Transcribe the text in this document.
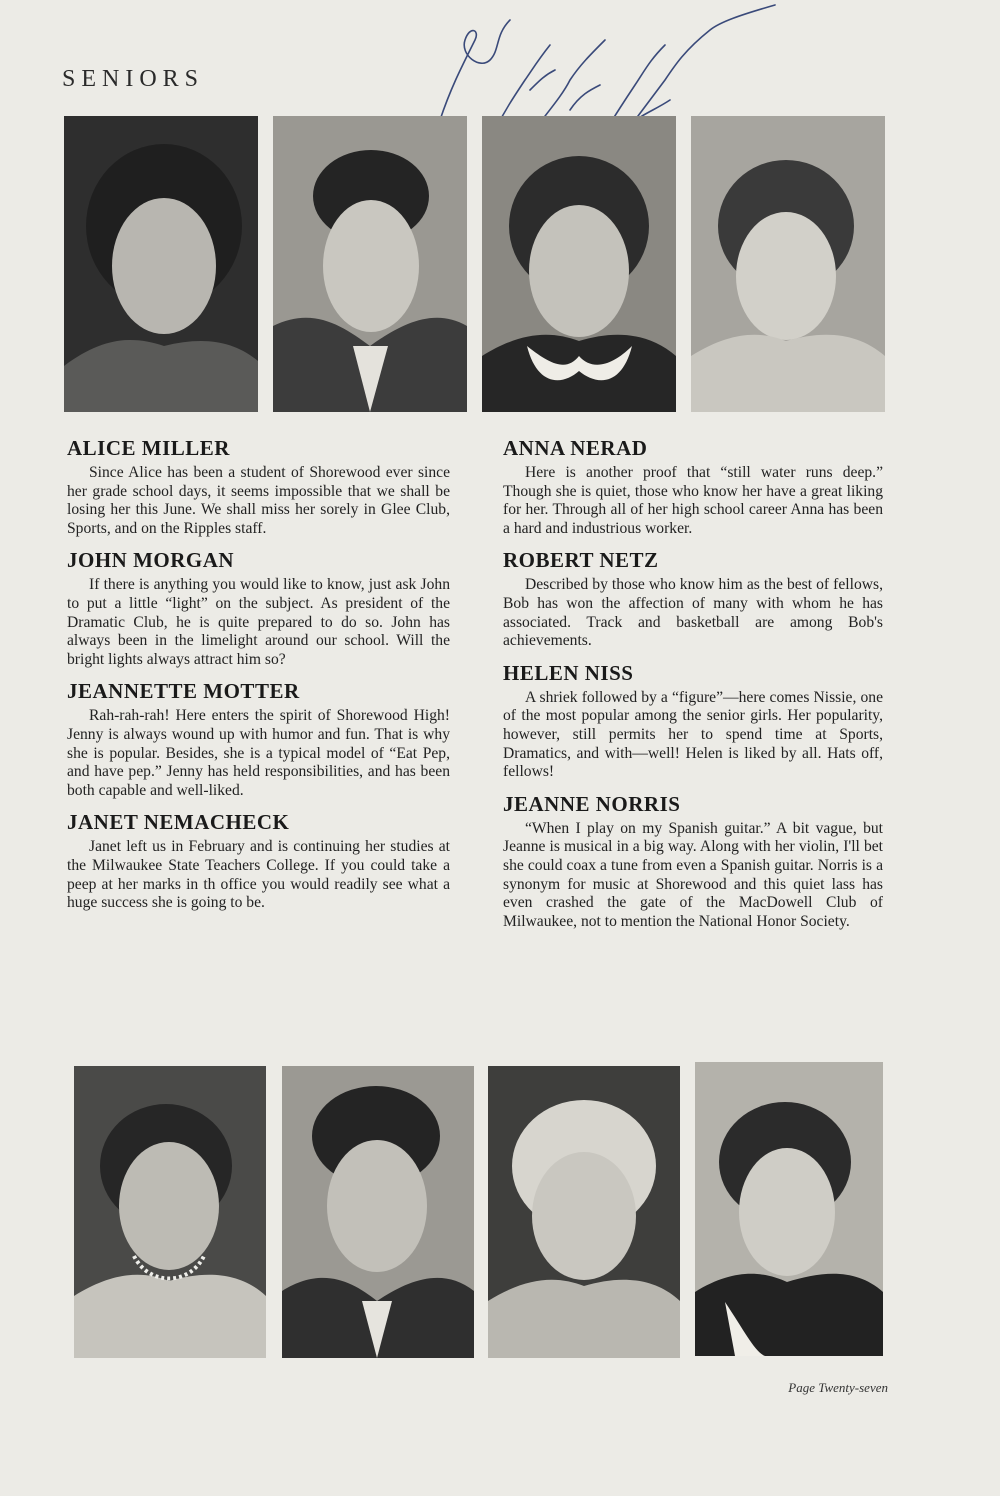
SENIORS
ALICE MILLER

Since Alice has been a student of Shorewood ever since her grade school days, it seems impossible that we shall be losing her this June. We shall miss her sorely in Glee Club, Sports, and on the Ripples staff.

JOHN MORGAN

If there is anything you would like to know, just ask John to put a little “light” on the subject. As president of the Dramatic Club, he is quite prepared to do so. John has always been in the limelight around our school. Will the bright lights always attract him so?

JEANNETTE MOTTER

Rah-rah-rah! Here enters the spirit of Shorewood High! Jenny is always wound up with humor and fun. That is why she is popular. Besides, she is a typical model of “Eat Pep, and have pep.” Jenny has held responsibilities, and has been both capable and well-liked.

JANET NEMACHECK

Janet left us in February and is continuing her studies at the Milwaukee State Teachers College. If you could take a peep at her marks in th office you would readily see what a huge success she is going to be.

ANNA NERAD

Here is another proof that “still water runs deep.” Though she is quiet, those who know her have a great liking for her. Through all of her high school career Anna has been a hard and industrious worker.

ROBERT NETZ

Described by those who know him as the best of fellows, Bob has won the affection of many with whom he has associated. Track and basketball are among Bob's achievements.

HELEN NISS

A shriek followed by a “figure”—here comes Nissie, one of the most popular among the senior girls. Her popularity, however, still permits her to spend time at Sports, Dramatics, and with—well! Helen is liked by all. Hats off, fellows!

JEANNE NORRIS

“When I play on my Spanish guitar.” A bit vague, but Jeanne is musical in a big way. Along with her violin, I'll bet she could coax a tune from even a Spanish guitar. Norris is a synonym for music at Shorewood and this quiet lass has even crashed the gate of the MacDowell Club of Milwaukee, not to mention the National Honor Society.

Page Twenty-seven
